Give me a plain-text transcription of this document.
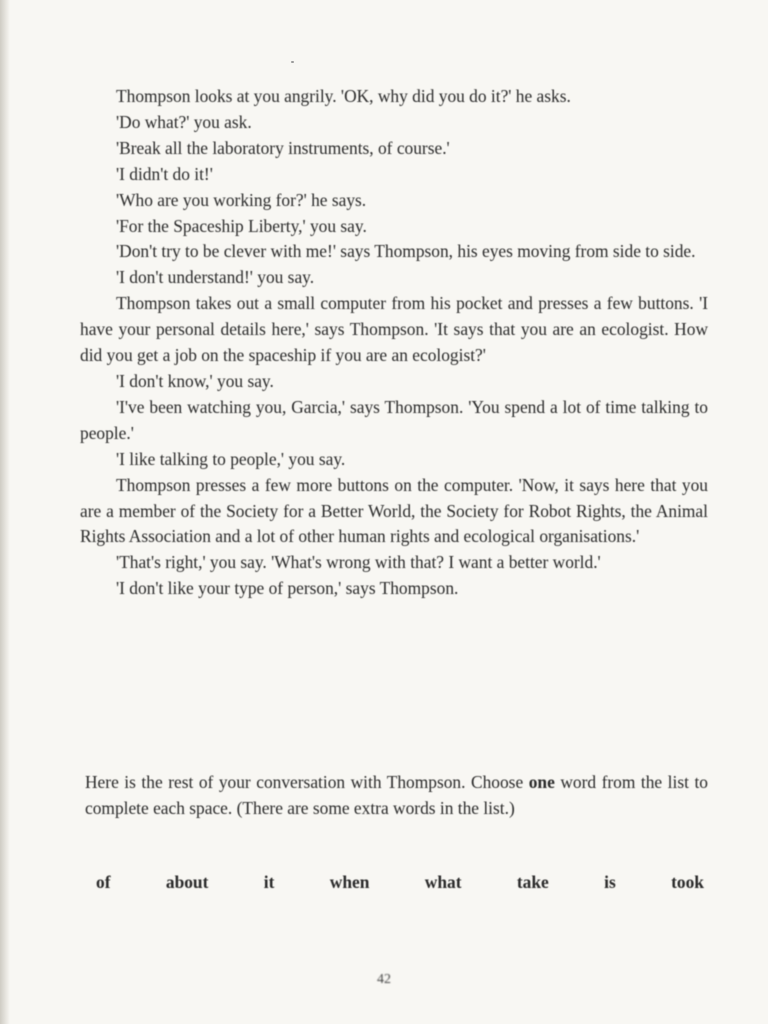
Thompson looks at you angrily. 'OK, why did you do it?' he asks.

'Do what?' you ask.

'Break all the laboratory instruments, of course.'

'I didn't do it!'

'Who are you working for?' he says.

'For the Spaceship Liberty,' you say.

'Don't try to be clever with me!' says Thompson, his eyes moving from side to side.

'I don't understand!' you say.

Thompson takes out a small computer from his pocket and presses a few buttons. 'I have your personal details here,' says Thompson. 'It says that you are an ecologist. How did you get a job on the spaceship if you are an ecologist?'

'I don't know,' you say.

'I've been watching you, Garcia,' says Thompson. 'You spend a lot of time talking to people.'

'I like talking to people,' you say.

Thompson presses a few more buttons on the computer. 'Now, it says here that you are a member of the Society for a Better World, the Society for Robot Rights, the Animal Rights Association and a lot of other human rights and ecological organisations.'

'That's right,' you say. 'What's wrong with that? I want a better world.'

'I don't like your type of person,' says Thompson.

Here is the rest of your conversation with Thompson. Choose one word from the list to complete each space. (There are some extra words in the list.)

of	about	it	when	what	take	is	took
42
